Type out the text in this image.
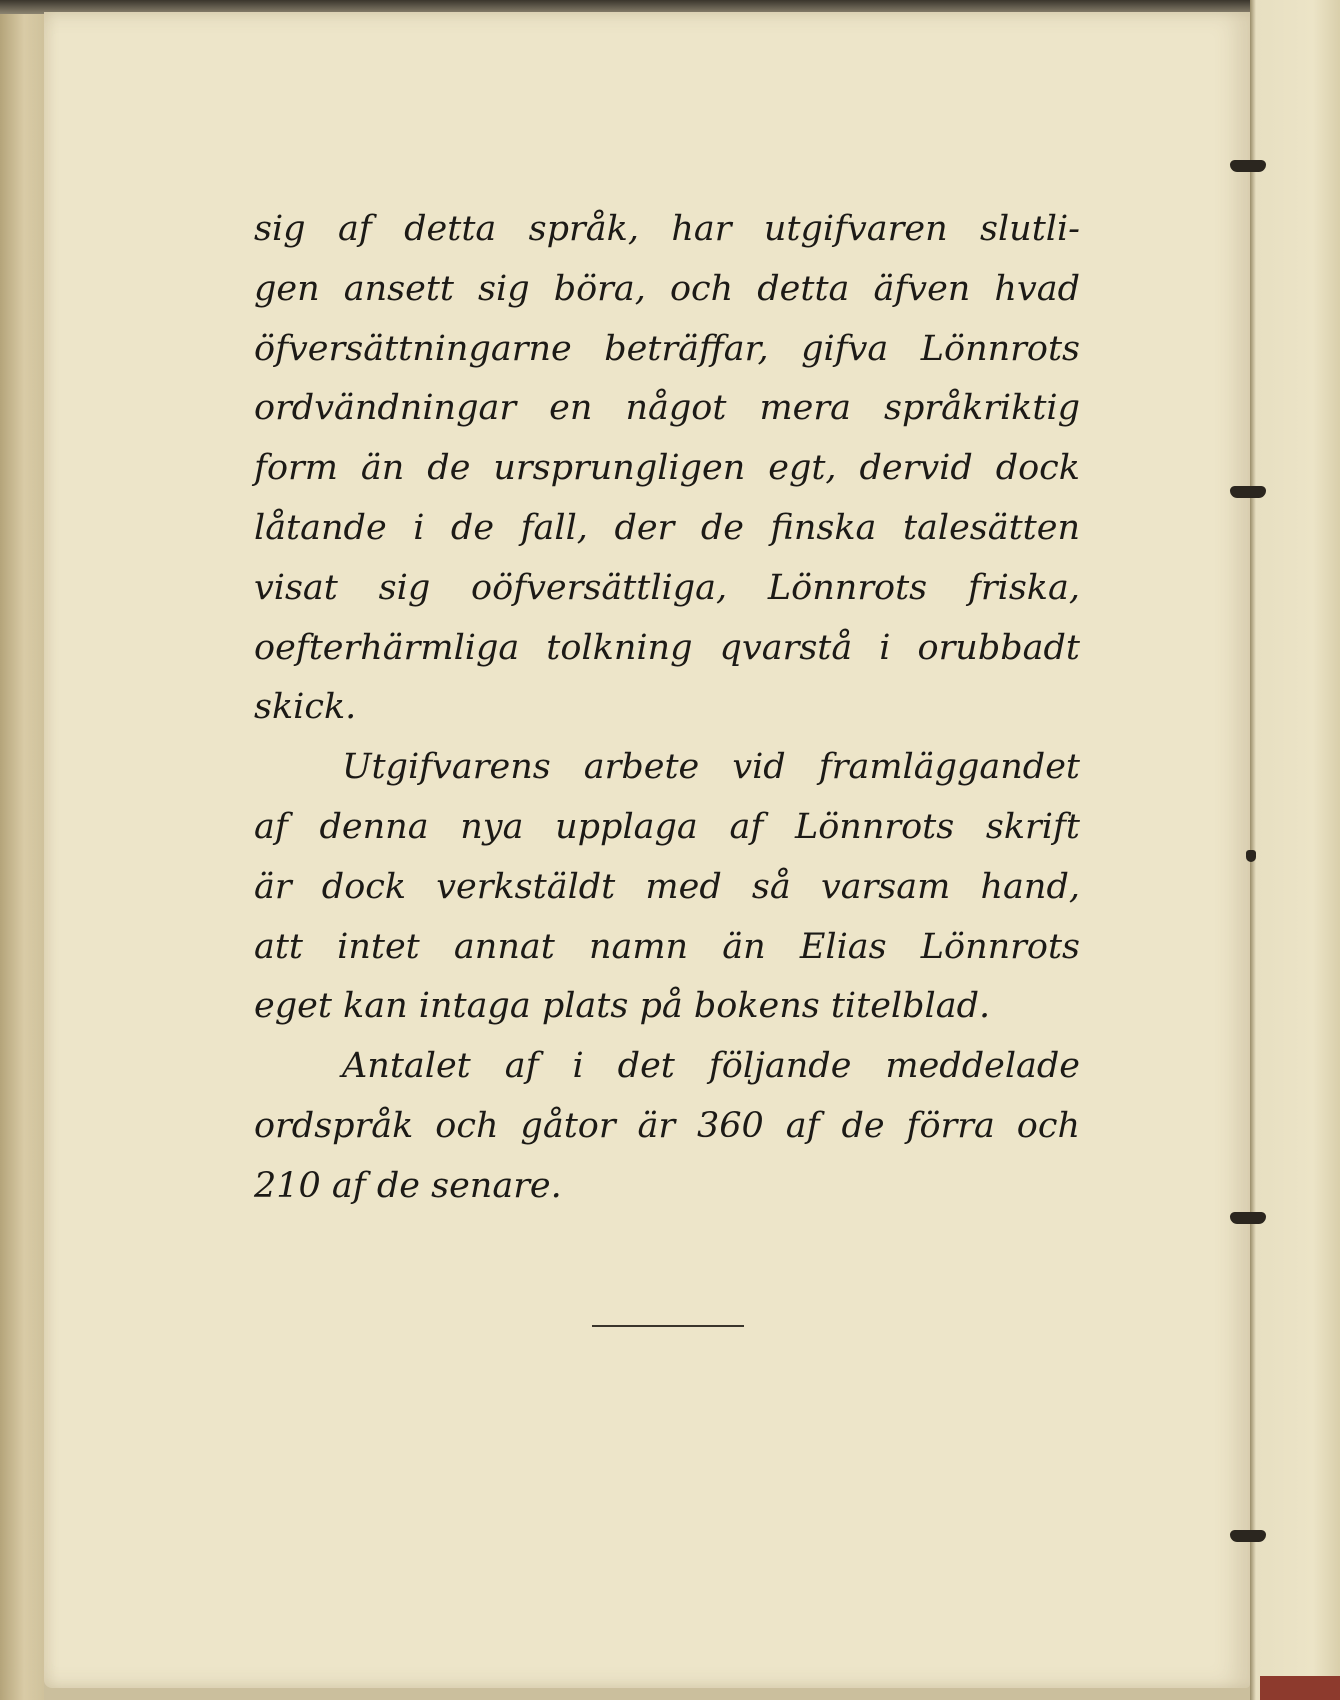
sig af detta språk, har utgifvaren slutli-
gen ansett sig böra, och detta äfven hvad
öfversättningarne beträffar, gifva Lönnrots
ordvändningar en något mera språkriktig
form än de ursprungligen egt, dervid dock
låtande i de fall, der de finska talesätten
visat sig oöfversättliga, Lönnrots friska,
oefterhärmliga tolkning qvarstå i orubbadt
skick.
Utgifvarens arbete vid framläggandet
af denna nya upplaga af Lönnrots skrift
är dock verkstäldt med så varsam hand,
att intet annat namn än Elias Lönnrots
eget kan intaga plats på bokens titelblad.
Antalet af i det följande meddelade
ordspråk och gåtor är 360 af de förra och
210 af de senare.
